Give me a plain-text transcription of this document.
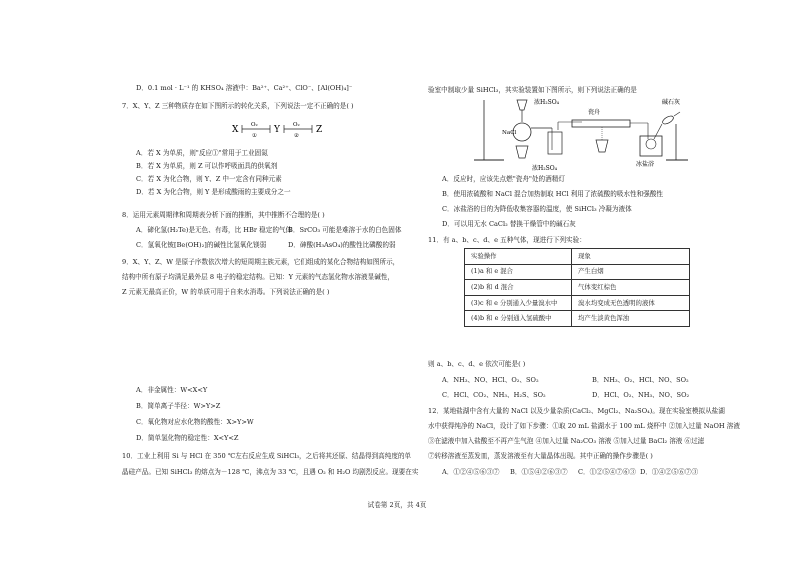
D．0.1 mol · L⁻¹ 的 KHSO₄ 溶液中：Ba²⁺、Ca²⁺、ClO⁻、[Al(OH)₄]⁻
7．X、Y、Z 三种物质存在如下图所示的转化关系，下列说法一定不正确的是( )
X O₂
①
Y O₂
②
Z
A．若 X 为单质，则"反应①"常用于工业固氮
B．若 X 为单质，则 Z 可以作呼吸面具的供氧剂
C．若 X 为化合物，则 Y、Z 中一定含有同种元素
D．若 X 为化合物，则 Y 是形成酸雨的主要成分之一
8．运用元素周期律和周期表分析下面的推断，其中推断不合理的是( )
A．碲化氢(H₂Te)是无色、有毒，比 HBr 稳定的气体
B．SrCO₃ 可能是难溶于水的白色固体
C．氢氧化铍[Be(OH)₂]的碱性比氢氧化镁弱	D．砷酸(H₃AsO₄)的酸性比磷酸的弱
9．X、Y、Z、W 是原子序数依次增大的短周期主族元素，它们组成的某化合物结构如图所示，
结构中所有原子均满足最外层 8 电子的稳定结构。已知：Y 元素的气态氢化物水溶液显碱性，
Z 元素无最高正价，W 的单质可用于自来水消毒。下列说法正确的是( )
A．非金属性：W<X<Y
B．简单离子半径：W>Y>Z
C．氧化物对应水化物的酸性：X>Y>W
D．简单氢化物的稳定性：X<Y<Z
10．工业上利用 Si 与 HCl 在 350 ℃左右反应生成 SiHCl₃，之后将其还原、结晶得到高纯度的单
晶硅产品。已知 SiHCl₃ 的熔点为－128 ℃，沸点为 33 ℃，且遇 O₂ 和 H₂O 均剧烈反应。现要在实
验室中制取少量 SiHCl₃，其实验装置如下图所示，则下列说法正确的是
浓H₂SO₄
NaCl
浓H₂SO₄
瓷舟
冰盐浴
碱石灰
A．反应时，应该先点燃"瓷舟"处的酒精灯
B．使用浓硫酸和 NaCl 混合加热制取 HCl 利用了浓硫酸的吸水性和强酸性
C．冰盐浴的目的为降低收集容器的温度，使 SiHCl₃ 冷凝为液体
D．可以用无水 CaCl₂ 替换干燥管中的碱石灰
11．有 a、b、c、d、e 五种气体，现进行下列实验：
实验操作	现象
(1)a 和 e 混合	产生白烟
(2)b 和 d 混合	气体变红棕色
(3)c 和 e 分别通入少量溴水中	溴水均变成无色透明的液体
(4)b 和 e 分别通入氢硫酸中	均产生淡黄色浑浊
则 a、b、c、d、e 依次可能是( )
A．NH₃、NO、HCl、O₂、SO₂	B．NH₃、O₂、HCl、NO、SO₂
C．HCl、CO₂、NH₃、H₂S、SO₂	D．HCl、O₂、NH₃、NO、SO₂
12．某地盐湖中含有大量的 NaCl 以及少量杂质(CaCl₂、MgCl₂、Na₂SO₄)。现在实验室模拟从盐湖
水中获得纯净的 NaCl，设计了如下步骤：①取 20 mL 盐湖水于 100 mL 烧杯中 ②加入过量 NaOH 溶液
③在滤液中加入盐酸至不再产生气泡 ④加入过量 Na₂CO₃ 溶液 ⑤加入过量 BaCl₂ 溶液 ⑥过滤
⑦转移溶液至蒸发皿，蒸发溶液至有大量晶体出现。其中正确的操作步骤是( )
A．①②④⑤⑥③⑦ B．①⑤④②⑥③⑦ C．①②⑤④⑦⑥③ D．①④②⑤⑥⑦③
试卷第 2页，共 4页
